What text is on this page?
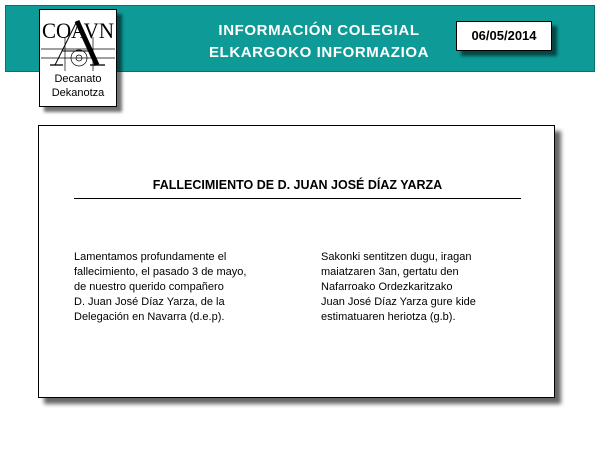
INFORMACIÓN COLEGIAL
ELKARGOKO INFORMAZIOA
06/05/2014
COAVN
Decanato
Dekanotza
FALLECIMIENTO DE D. JUAN JOSÉ DÍAZ YARZA
Lamentamos profundamente el
fallecimiento, el pasado 3 de mayo,
de nuestro querido compañero
D. Juan José Díaz Yarza, de la
Delegación en Navarra (d.e.p).
Sakonki sentitzen dugu, iragan
maiatzaren 3an, gertatu den
Nafarroako Ordezkaritzako
Juan José Díaz Yarza gure kide
estimatuaren heriotza (g.b).
